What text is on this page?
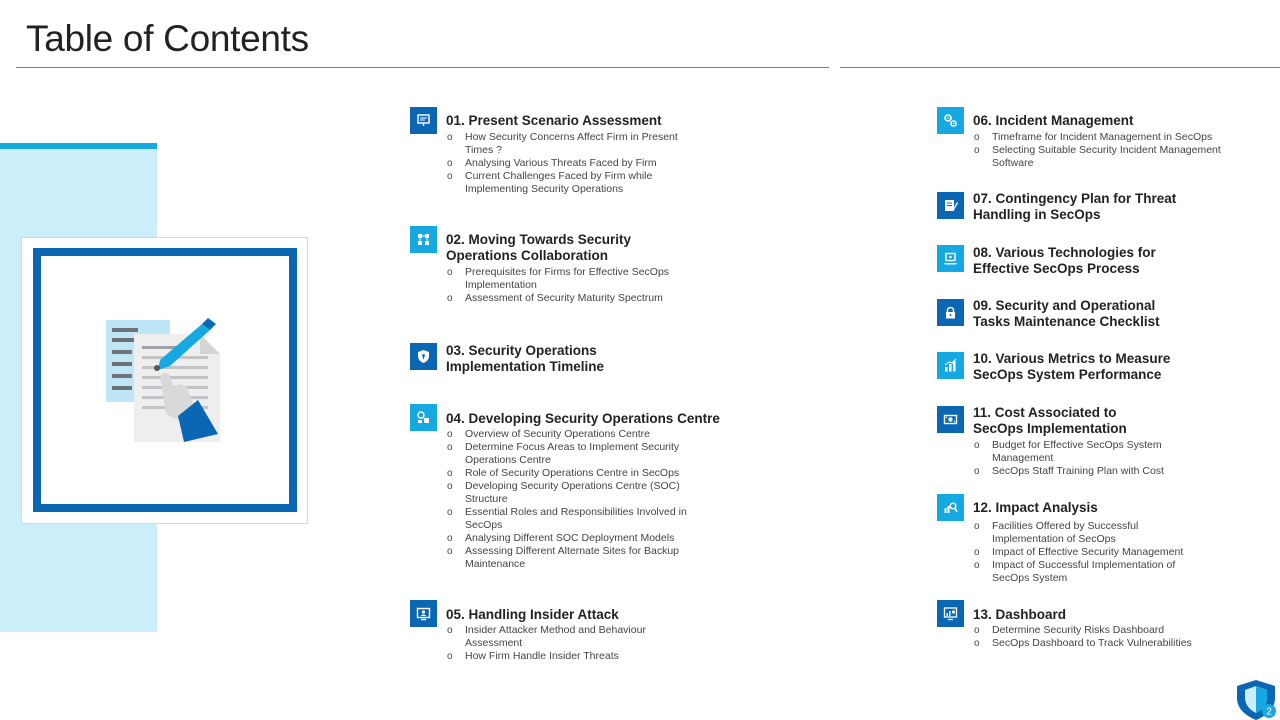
Table of Contents
01. Present Scenario Assessment
o How Security Concerns Affect Firm in Present Times ?
o Analysing Various Threats Faced by Firm
o Current Challenges Faced by Firm while Implementing Security Operations
02. Moving Towards Security Operations Collaboration
o Prerequisites for Firms for Effective SecOps Implementation
o Assessment of Security Maturity Spectrum
03. Security Operations Implementation Timeline
04. Developing Security Operations Centre
o Overview of Security Operations Centre
o Determine Focus Areas to Implement Security Operations Centre
o Role of Security Operations Centre in SecOps
o Developing Security Operations Centre (SOC) Structure
o Essential Roles and Responsibilities Involved in SecOps
o Analysing Different SOC Deployment Models
o Assessing Different Alternate Sites for Backup Maintenance
05. Handling Insider Attack
o Insider Attacker Method and Behaviour Assessment
o How Firm Handle Insider Threats
06. Incident Management
o Timeframe for Incident Management in SecOps
o Selecting Suitable Security Incident Management Software
07. Contingency Plan for Threat Handling in SecOps
08. Various Technologies for Effective SecOps Process
09. Security and Operational Tasks Maintenance Checklist
10. Various Metrics to Measure SecOps System Performance
11. Cost Associated to SecOps Implementation
o Budget for Effective SecOps System Management
o SecOps Staff Training Plan with Cost
12. Impact Analysis
o Facilities Offered by Successful Implementation of SecOps
o Impact of Effective Security Management
o Impact of Successful Implementation of SecOps System
13. Dashboard
o Determine Security Risks Dashboard
o SecOps Dashboard to Track Vulnerabilities
2
